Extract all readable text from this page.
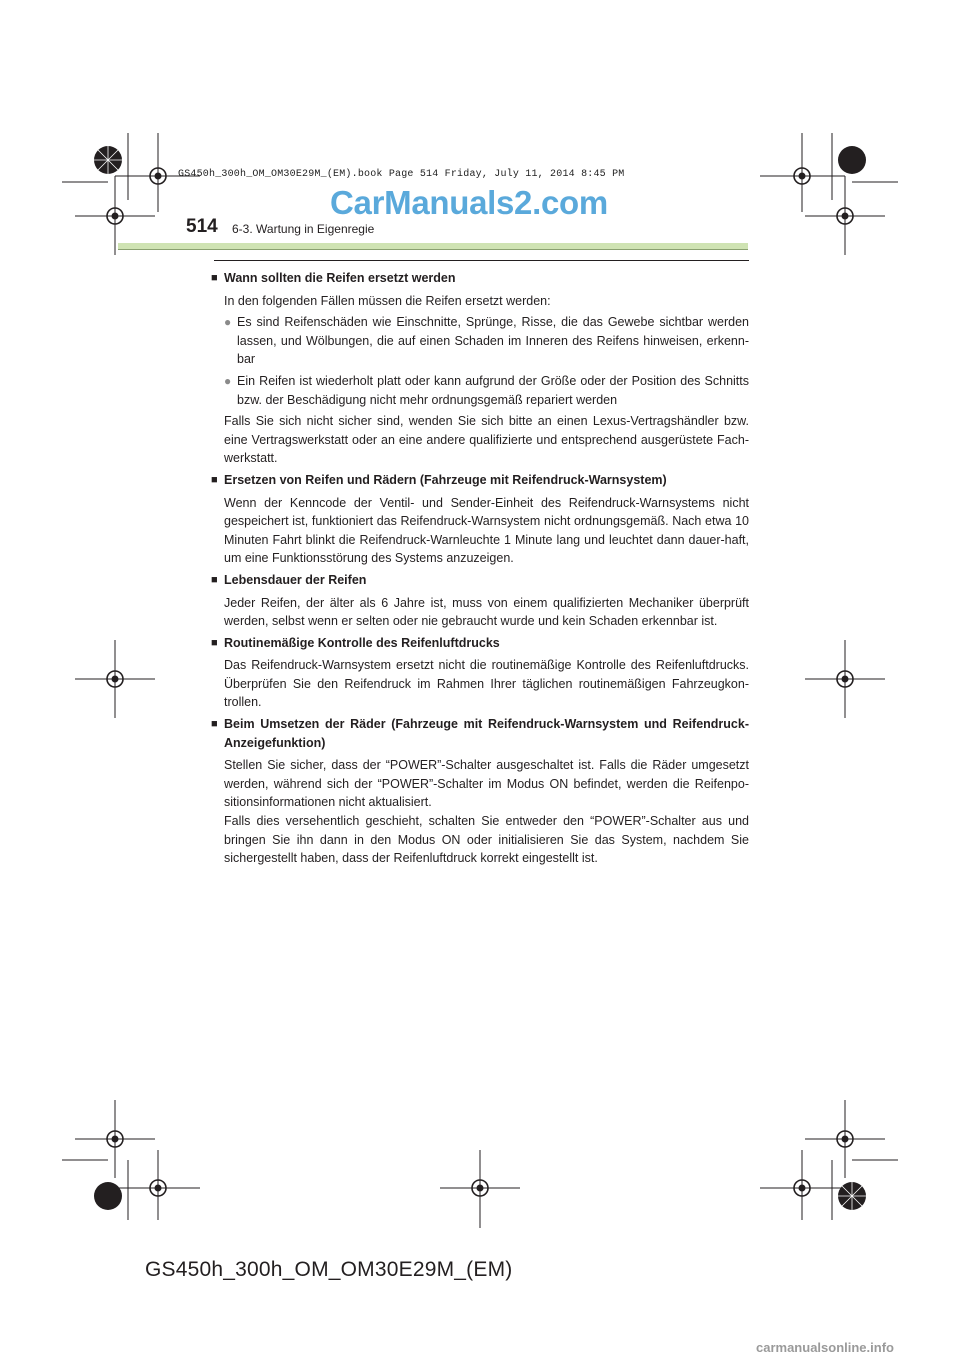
GS450h_300h_OM_OM30E29M_(EM).book Page 514 Friday, July 11, 2014 8:45 PM
CarManuals2.com
514 6-3. Wartung in Eigenregie
■ Wann sollten die Reifen ersetzt werden
In den folgenden Fällen müssen die Reifen ersetzt werden:
● Es sind Reifenschäden wie Einschnitte, Sprünge, Risse, die das Gewebe sichtbar werden lassen, und Wölbungen, die auf einen Schaden im Inneren des Reifens hinweisen, erkenn-bar
● Ein Reifen ist wiederholt platt oder kann aufgrund der Größe oder der Position des Schnitts bzw. der Beschädigung nicht mehr ordnungsgemäß repariert werden
Falls Sie sich nicht sicher sind, wenden Sie sich bitte an einen Lexus-Vertragshändler bzw. eine Vertragswerkstatt oder an eine andere qualifizierte und entsprechend ausgerüstete Fach-werkstatt.
■ Ersetzen von Reifen und Rädern (Fahrzeuge mit Reifendruck-Warnsystem)
Wenn der Kenncode der Ventil- und Sender-Einheit des Reifendruck-Warnsystems nicht gespeichert ist, funktioniert das Reifendruck-Warnsystem nicht ordnungsgemäß. Nach etwa 10 Minuten Fahrt blinkt die Reifendruck-Warnleuchte 1 Minute lang und leuchtet dann dauer-haft, um eine Funktionsstörung des Systems anzuzeigen.
■ Lebensdauer der Reifen
Jeder Reifen, der älter als 6 Jahre ist, muss von einem qualifizierten Mechaniker überprüft werden, selbst wenn er selten oder nie gebraucht wurde und kein Schaden erkennbar ist.
■ Routinemäßige Kontrolle des Reifenluftdrucks
Das Reifendruck-Warnsystem ersetzt nicht die routinemäßige Kontrolle des Reifenluftdrucks. Überprüfen Sie den Reifendruck im Rahmen Ihrer täglichen routinemäßigen Fahrzeugkon-trollen.
■ Beim Umsetzen der Räder (Fahrzeuge mit Reifendruck-Warnsystem und Reifendruck-Anzeigefunktion)
Stellen Sie sicher, dass der “POWER”-Schalter ausgeschaltet ist. Falls die Räder umgesetzt werden, während sich der “POWER”-Schalter im Modus ON befindet, werden die Reifenpo-sitionsinformationen nicht aktualisiert.
Falls dies versehentlich geschieht, schalten Sie entweder den “POWER”-Schalter aus und bringen Sie ihn dann in den Modus ON oder initialisieren Sie das System, nachdem Sie sichergestellt haben, dass der Reifenluftdruck korrekt eingestellt ist.
GS450h_300h_OM_OM30E29M_(EM)
carmanualsonline.info
